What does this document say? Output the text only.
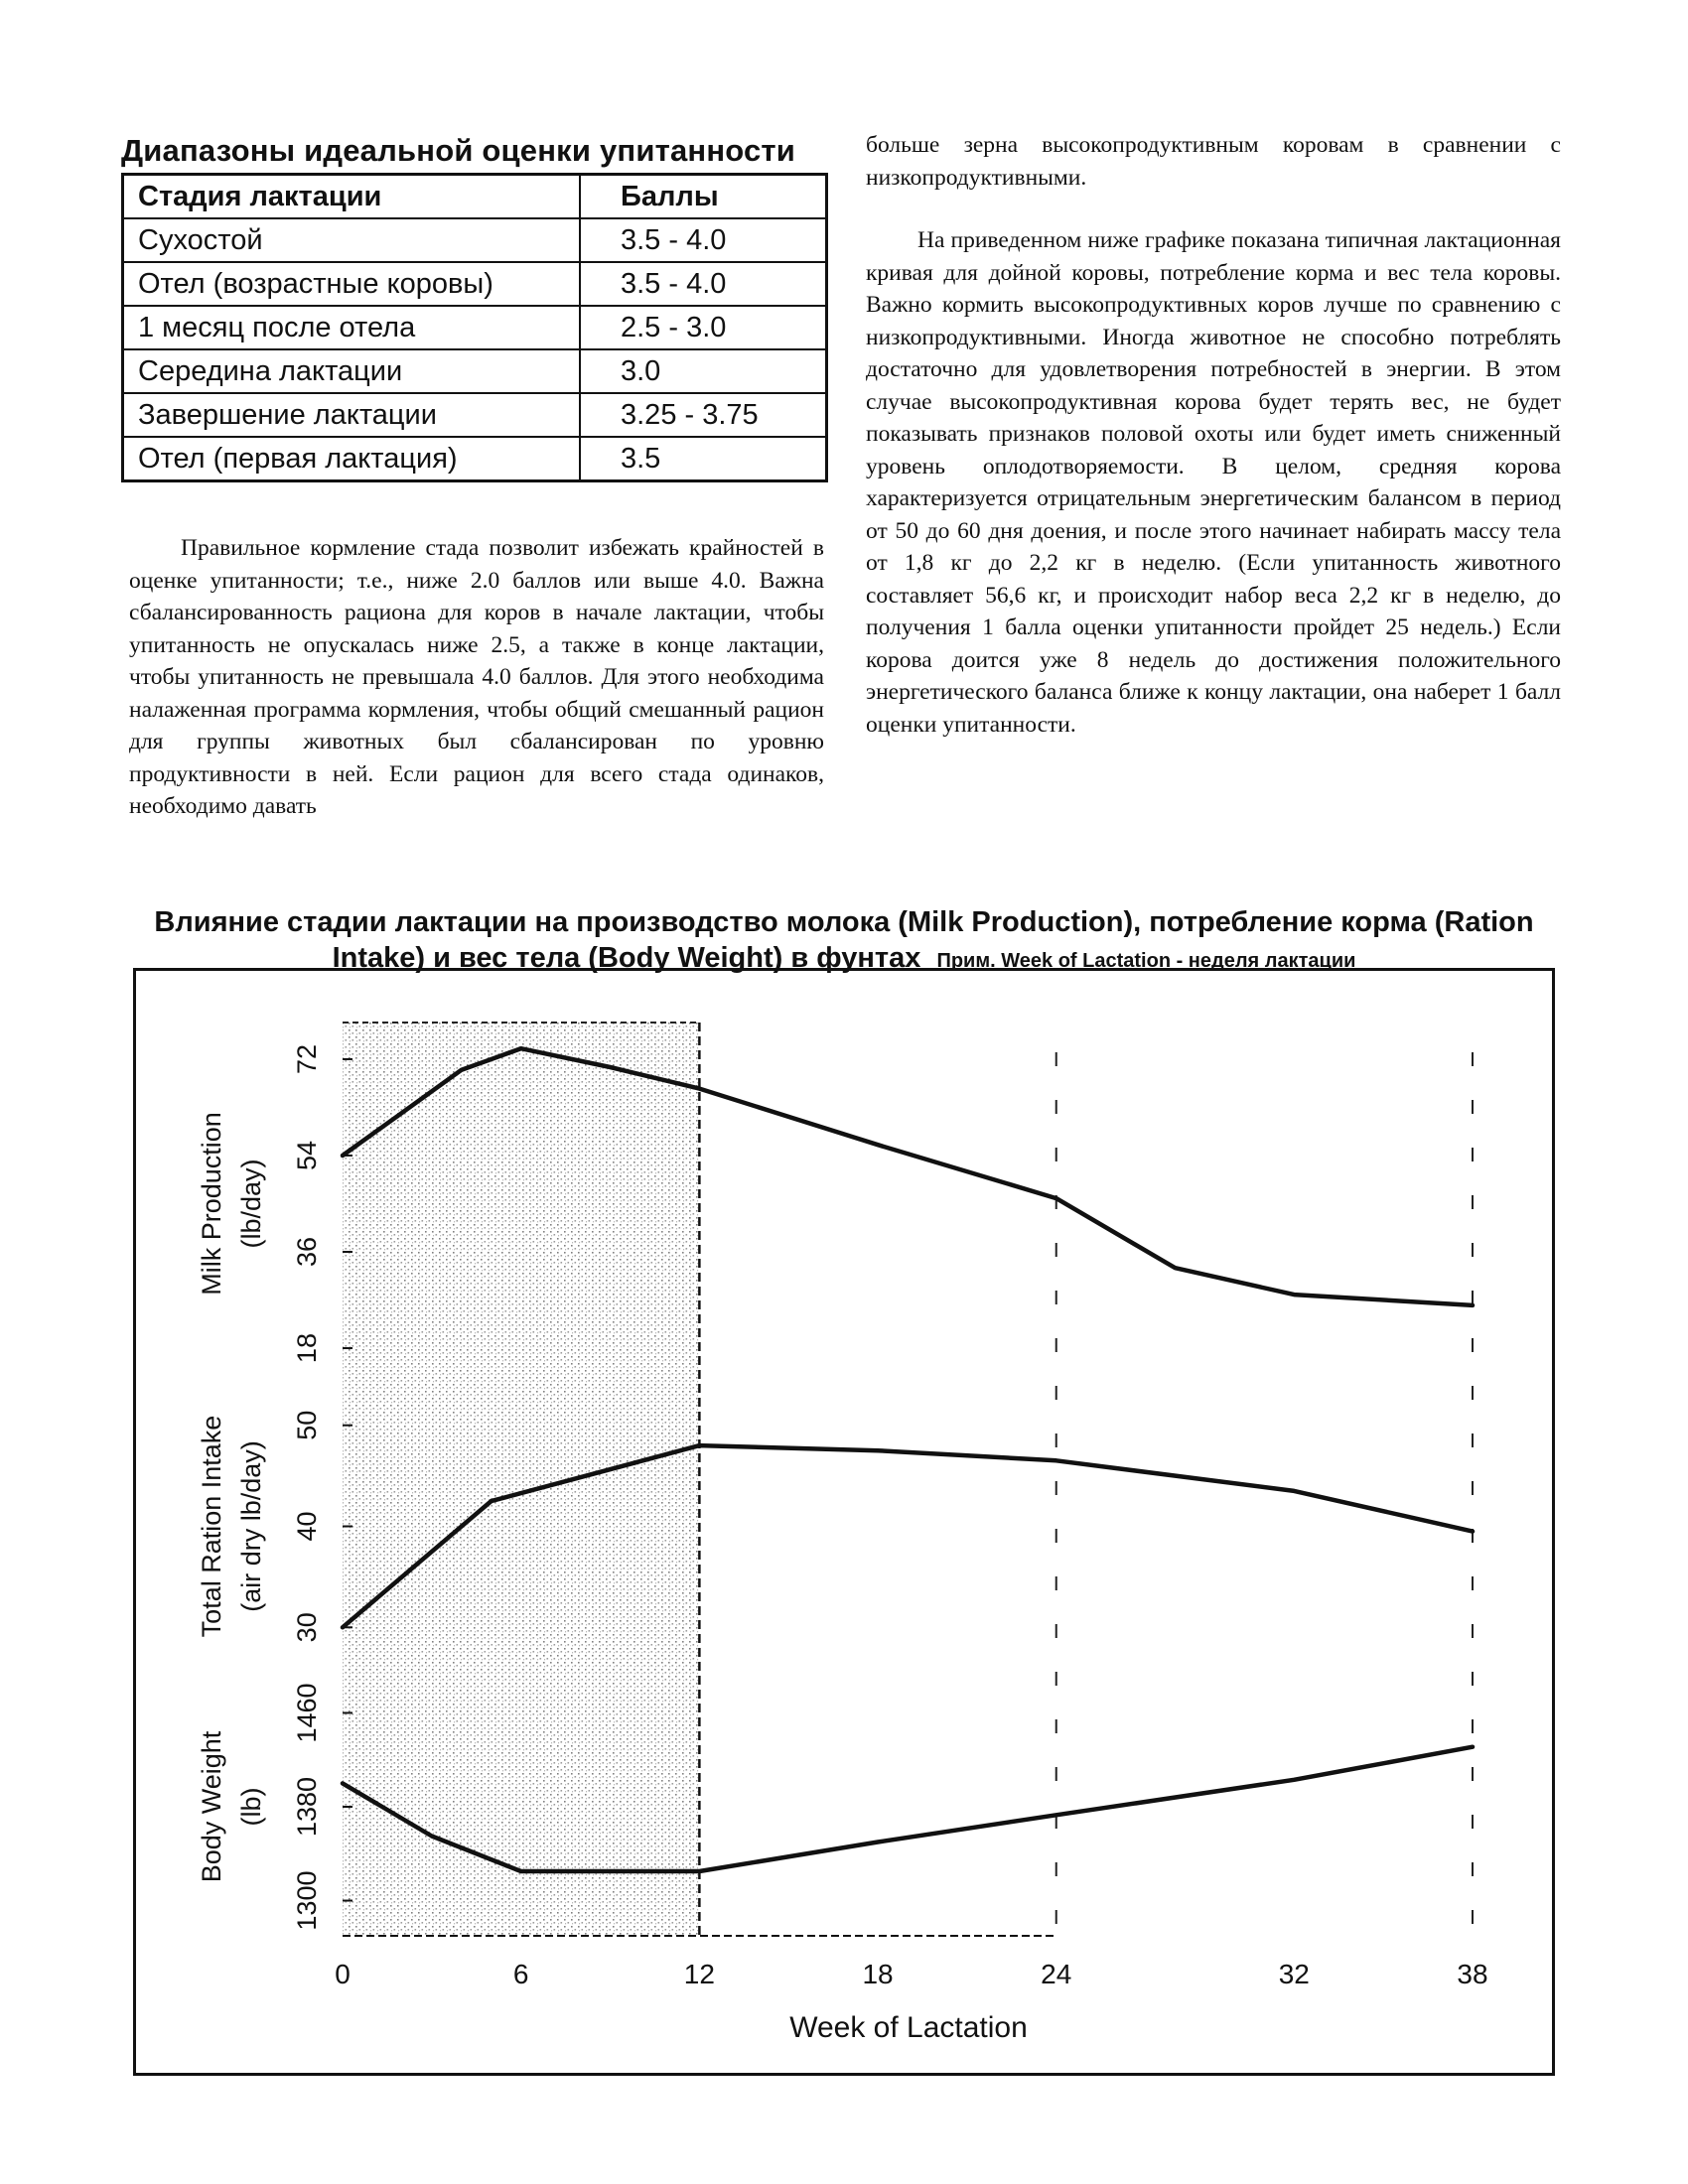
Диапазоны идеальной оценки упитанности
Стадия лактации	Баллы
Сухостой	3.5 - 4.0
Отел (возрастные коровы)	3.5 - 4.0
1 месяц после отела	2.5 - 3.0
Середина лактации	3.0
Завершение лактации	3.25 - 3.75
Отел (первая лактация)	3.5

Правильное кормление стада позволит избежать крайностей в оценке упитанности; т.е., ниже 2.0 баллов или выше 4.0. Важна сбалансированность рациона для коров в начале лактации, чтобы упитанность не опускалась ниже 2.5, а также в конце лактации, чтобы упитанность не превышала 4.0 баллов. Для этого необходима налаженная программа кормления, чтобы общий смешанный рацион для группы животных был сбалансирован по уровню продуктивности в ней. Если рацион для всего стада одинаков, необходимо давать

больше зерна высокопродуктивным коровам в сравнении с низкопродуктивными.

На приведенном ниже графике показана типичная лактационная кривая для дойной коровы, потребление корма и вес тела коровы. Важно кормить высокопродуктивных коров лучше по сравнению с низкопродуктивными. Иногда животное не способно потреблять достаточно для удовлетворения потребностей в энергии. В этом случае высокопродуктивная корова будет терять вес, не будет показывать признаков половой охоты или будет иметь сниженный уровень оплодотворяемости. В целом, средняя корова характеризуется отрицательным энергетическим балансом в период от 50 до 60 дня доения, и после этого начинает набирать массу тела от 1,8 кг до 2,2 кг в неделю. (Если упитанность животного составляет 56,6 кг, и происходит набор веса 2,2 кг в неделю, до получения 1 балла оценки упитанности пройдет 25 недель.) Если корова доится уже 8 недель до достижения положительного энергетического баланса ближе к концу лактации, она наберет 1 балл оценки упитанности.

Влияние стадии лактации на производство молока (Milk Production), потребление корма (Ration
Intake) и вес тела (Body Weight) в фунтах Прим. Week of Lactation - неделя лактации
18
36
54
72
Milk Production (lb/day)
30
40
50
Total Ration Intake (air dry lb/day)
1300
1380
1460
Body Weight (lb)
0	6	12	18	24	32	38
Week of Lactation
